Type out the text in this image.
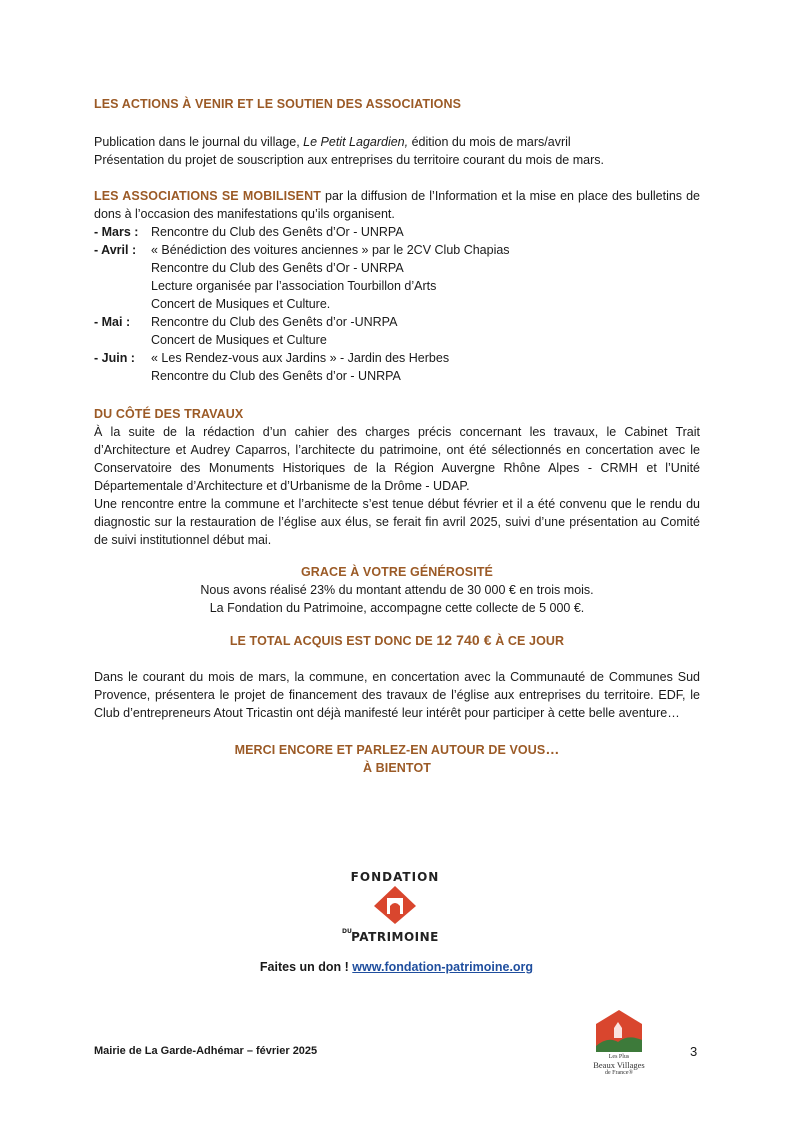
LES ACTIONS À VENIR ET LE SOUTIEN DES ASSOCIATIONS

Publication dans le journal du village, Le Petit Lagardien, édition du mois de mars/avril

Présentation du projet de souscription aux entreprises du territoire courant du mois de mars.

LES ASSOCIATIONS SE MOBILISENT par la diffusion de l’Information et la mise en place des bulletins de dons à l’occasion des manifestations qu’ils organisent.

- Mars :	Rencontre du Club des Genêts d’Or - UNRPA
- Avril :	« Bénédiction des voitures anciennes » par le 2CV Club Chapias
Rencontre du Club des Genêts d’Or - UNRPA
Lecture organisée par l’association Tourbillon d’Arts
Concert de Musiques et Culture.
- Mai :	Rencontre du Club des Genêts d’or -UNRPA
Concert de Musiques et Culture
- Juin :	« Les Rendez-vous aux Jardins » - Jardin des Herbes
Rencontre du Club des Genêts d’or - UNRPA

DU CÔTÉ DES TRAVAUX

À la suite de la rédaction d’un cahier des charges précis concernant les travaux, le Cabinet Trait d’Architecture et Audrey Caparros, l’architecte du patrimoine, ont été sélectionnés en concertation avec le Conservatoire des Monuments Historiques de la Région Auvergne Rhône Alpes - CRMH et l’Unité Départementale d’Architecture et d’Urbanisme de la Drôme - UDAP.

Une rencontre entre la commune et l’architecte s’est tenue début février et il a été convenu que le rendu du diagnostic sur la restauration de l’église aux élus, se ferait fin avril 2025, suivi d’une présentation au Comité de suivi institutionnel début mai.

GRACE À VOTRE GÉNÉROSITÉ

Nous avons réalisé 23% du montant attendu de 30 000 € en trois mois.

La Fondation du Patrimoine, accompagne cette collecte de 5 000 €.

LE TOTAL ACQUIS EST DONC DE 12 740 € À CE JOUR

Dans le courant du mois de mars, la commune, en concertation avec la Communauté de Communes Sud Provence, présentera le projet de financement des travaux de l’église aux entreprises du territoire. EDF, le Club d’entrepreneurs Atout Tricastin ont déjà manifesté leur intérêt pour participer à cette belle aventure…

MERCI ENCORE ET PARLEZ-EN AUTOUR DE VOUS…

À BIENTOT

FONDATION
DU PATRIMOINE
Faites un don ! www.fondation-patrimoine.org
Mairie de La Garde-Adhémar – février 2025	Les Plus
Beaux Villages
de France®
3
